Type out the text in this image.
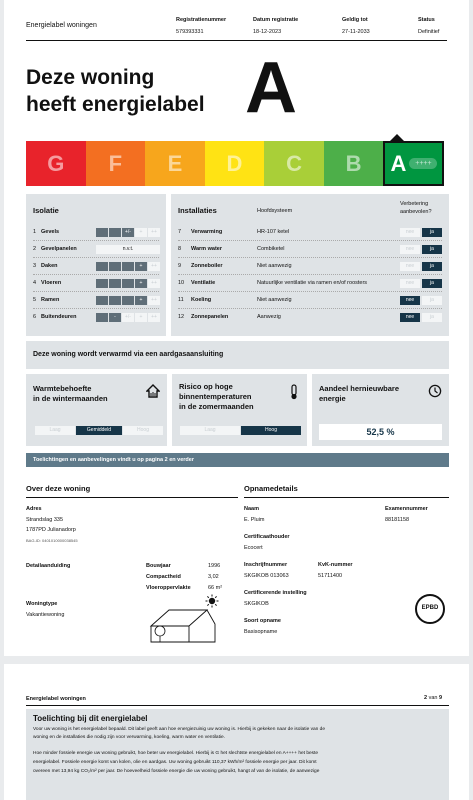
Energielabel woningen
Registratienummer
579393331
Datum registratie
18-12-2023
Geldig tot
27-11-2033
Status
Definitief
Deze woning
heeft energielabel A
G	F	E	D	C	B	A	++++
Isolatie
1 Gevels	+/-	+	++
2 Gevelpanelen	n.v.t.
3 Daken	+	++
4 Vloeren	+	++
5 Ramen	+	++
6 Buitendeuren	-	+/-	+	++
Installaties	Hoofdsysteem
Verbetering
aanbevolen?
7 Verwarming	HR-107 ketel	nee	ja
8 Warm water	Combiketel	nee	ja
9 Zonneboiler	Niet aanwezig	nee	ja
10 Ventilatie	Natuurlijke ventilatie via ramen en/of roosters	nee	ja
11 Koeling	Niet aanwezig	nee	ja
12 Zonnepanelen	Aanwezig	nee	ja
Deze woning wordt verwarmd via een aardgasaansluiting
Warmtebehoefte
in de wintermaanden
Laag	Gemiddeld	Hoog
Risico op hoge
binnentemperaturen
in de zomermaanden
Laag	Hoog
Aandeel hernieuwbare
energie
52,5 %
Toelichtingen en aanbevelingen vindt u op pagina 2 en verder
Over deze woning
Adres
Strandslag 335
1787PD Julianadorp
BAG-ID: 0401010000038545
Detailaanduiding	Bouwjaar	1996
Compactheid	3,02
Vloeroppervlakte	66 m²
Woningtype
Vakantiewoning
Opnamedetails
Naam
E. Pluim
Examennummer
88181158
Certificaathouder
Ecocert
Inschrijfnummer
SKGIKOB 013063
KvK-nummer
51711400
Certificerende instelling
SKGIKOB
Soort opname
Basisopname
EPBD
Energielabel woningen	2 van 9
Toelichting bij dit energielabel
Voor uw woning is het energielabel bepaald. Dit label geeft aan hoe energiezuinig uw woning is. Hierbij is gekeken naar de isolatie van de
woning en de installaties die nodig zijn voor verwarming, koeling, warm water en ventilatie.
Hoe minder fossiele energie uw woning gebruikt, hoe beter uw energielabel. Hierbij is G het slechtste energielabel en A++++ het beste
energielabel. Fossiele energie komt van kolen, olie en aardgas. Uw woning gebruikt 110,37 kWh/m² fossiele energie per jaar. Dit komt
overeen met 13,94 kg CO₂/m² per jaar. De hoeveelheid fossiele energie die uw woning gebruikt, hangt af van de isolatie, de aanwezige
